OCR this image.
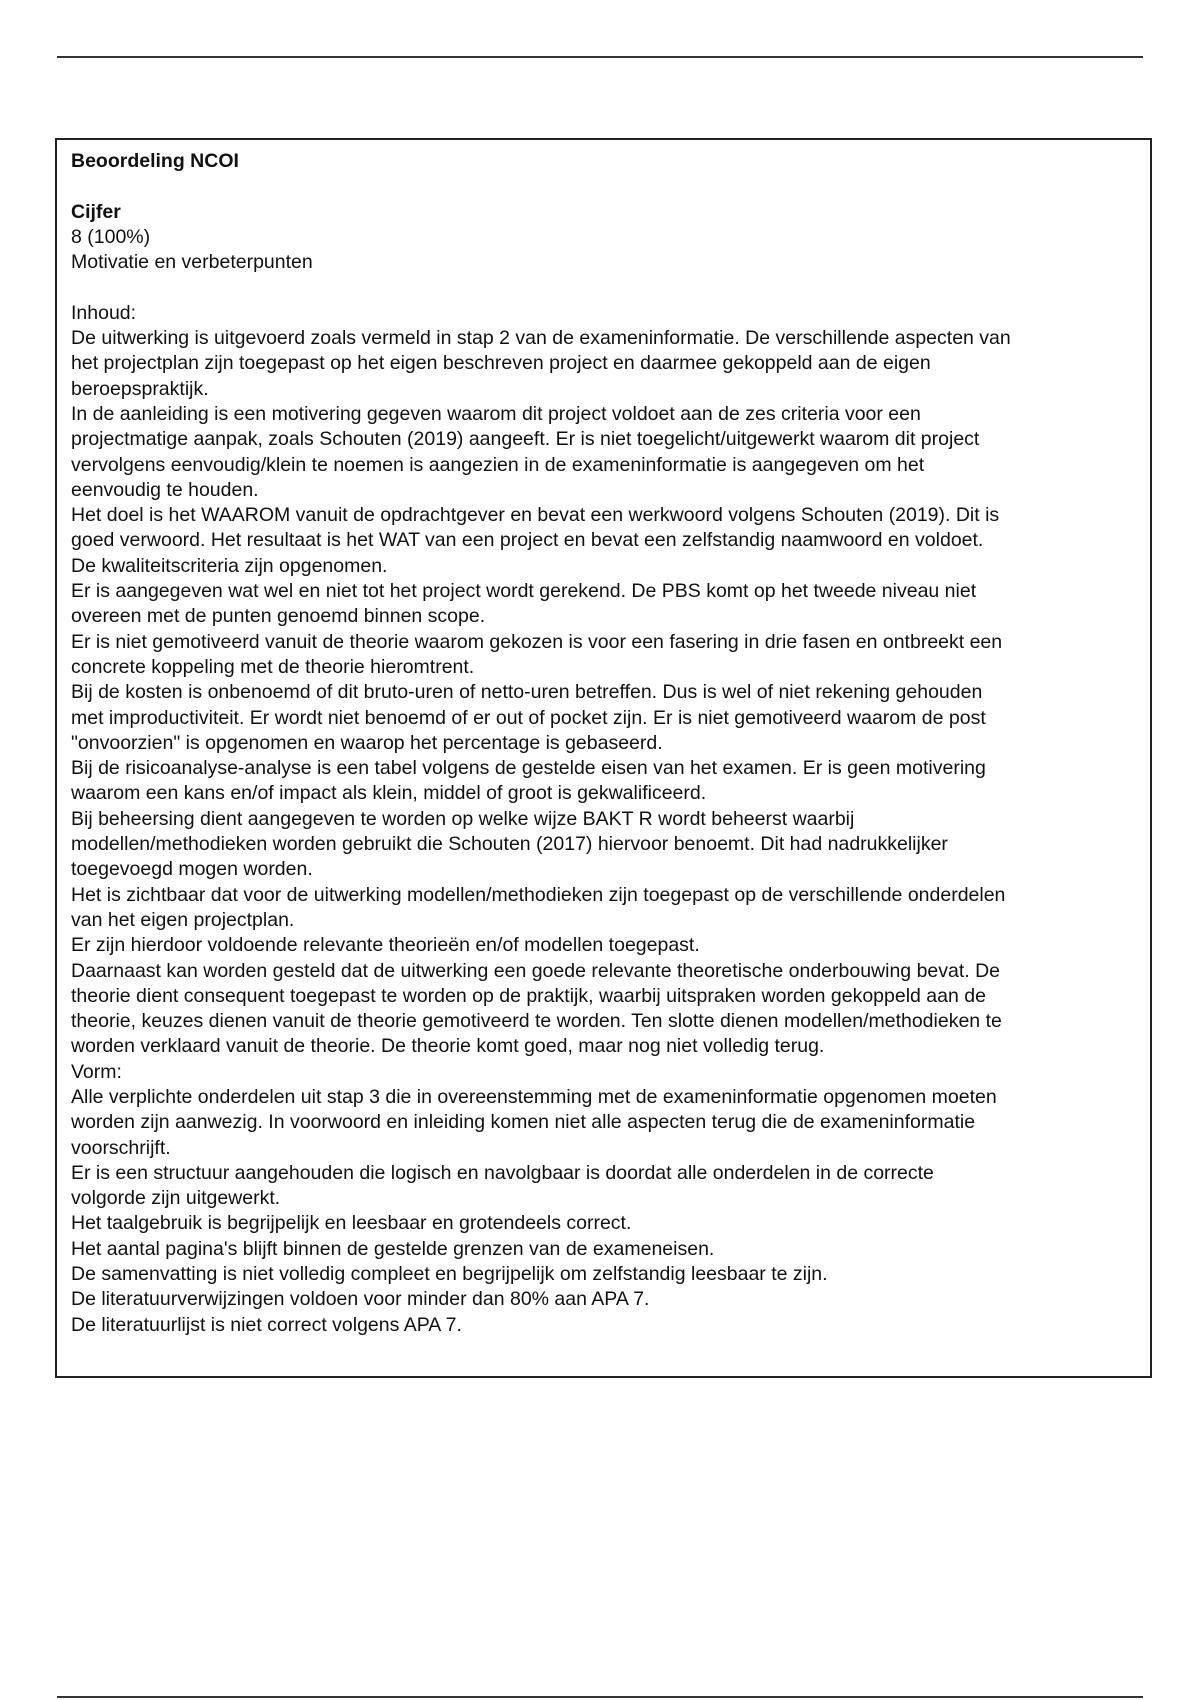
Beoordeling NCOI

Cijfer

8 (100%)

Motivatie en verbeterpunten

Inhoud:

De uitwerking is uitgevoerd zoals vermeld in stap 2 van de exameninformatie. De verschillende aspecten van

het projectplan zijn toegepast op het eigen beschreven project en daarmee gekoppeld aan de eigen

beroepspraktijk.

In de aanleiding is een motivering gegeven waarom dit project voldoet aan de zes criteria voor een

projectmatige aanpak, zoals Schouten (2019) aangeeft. Er is niet toegelicht/uitgewerkt waarom dit project

vervolgens eenvoudig/klein te noemen is aangezien in de exameninformatie is aangegeven om het

eenvoudig te houden.

Het doel is het WAAROM vanuit de opdrachtgever en bevat een werkwoord volgens Schouten (2019). Dit is

goed verwoord. Het resultaat is het WAT van een project en bevat een zelfstandig naamwoord en voldoet.

De kwaliteitscriteria zijn opgenomen.

Er is aangegeven wat wel en niet tot het project wordt gerekend. De PBS komt op het tweede niveau niet

overeen met de punten genoemd binnen scope.

Er is niet gemotiveerd vanuit de theorie waarom gekozen is voor een fasering in drie fasen en ontbreekt een

concrete koppeling met de theorie hieromtrent.

Bij de kosten is onbenoemd of dit bruto-uren of netto-uren betreffen. Dus is wel of niet rekening gehouden

met improductiviteit. Er wordt niet benoemd of er out of pocket zijn. Er is niet gemotiveerd waarom de post

"onvoorzien" is opgenomen en waarop het percentage is gebaseerd.

Bij de risicoanalyse-analyse is een tabel volgens de gestelde eisen van het examen. Er is geen motivering

waarom een kans en/of impact als klein, middel of groot is gekwalificeerd.

Bij beheersing dient aangegeven te worden op welke wijze BAKT R wordt beheerst waarbij

modellen/methodieken worden gebruikt die Schouten (2017) hiervoor benoemt. Dit had nadrukkelijker

toegevoegd mogen worden.

Het is zichtbaar dat voor de uitwerking modellen/methodieken zijn toegepast op de verschillende onderdelen

van het eigen projectplan.

Er zijn hierdoor voldoende relevante theorieën en/of modellen toegepast.

Daarnaast kan worden gesteld dat de uitwerking een goede relevante theoretische onderbouwing bevat. De

theorie dient consequent toegepast te worden op de praktijk, waarbij uitspraken worden gekoppeld aan de

theorie, keuzes dienen vanuit de theorie gemotiveerd te worden. Ten slotte dienen modellen/methodieken te

worden verklaard vanuit de theorie. De theorie komt goed, maar nog niet volledig terug.

Vorm:

Alle verplichte onderdelen uit stap 3 die in overeenstemming met de exameninformatie opgenomen moeten

worden zijn aanwezig. In voorwoord en inleiding komen niet alle aspecten terug die de exameninformatie

voorschrijft.

Er is een structuur aangehouden die logisch en navolgbaar is doordat alle onderdelen in de correcte

volgorde zijn uitgewerkt.

Het taalgebruik is begrijpelijk en leesbaar en grotendeels correct.

Het aantal pagina's blijft binnen de gestelde grenzen van de exameneisen.

De samenvatting is niet volledig compleet en begrijpelijk om zelfstandig leesbaar te zijn.

De literatuurverwijzingen voldoen voor minder dan 80% aan APA 7.

De literatuurlijst is niet correct volgens APA 7.
